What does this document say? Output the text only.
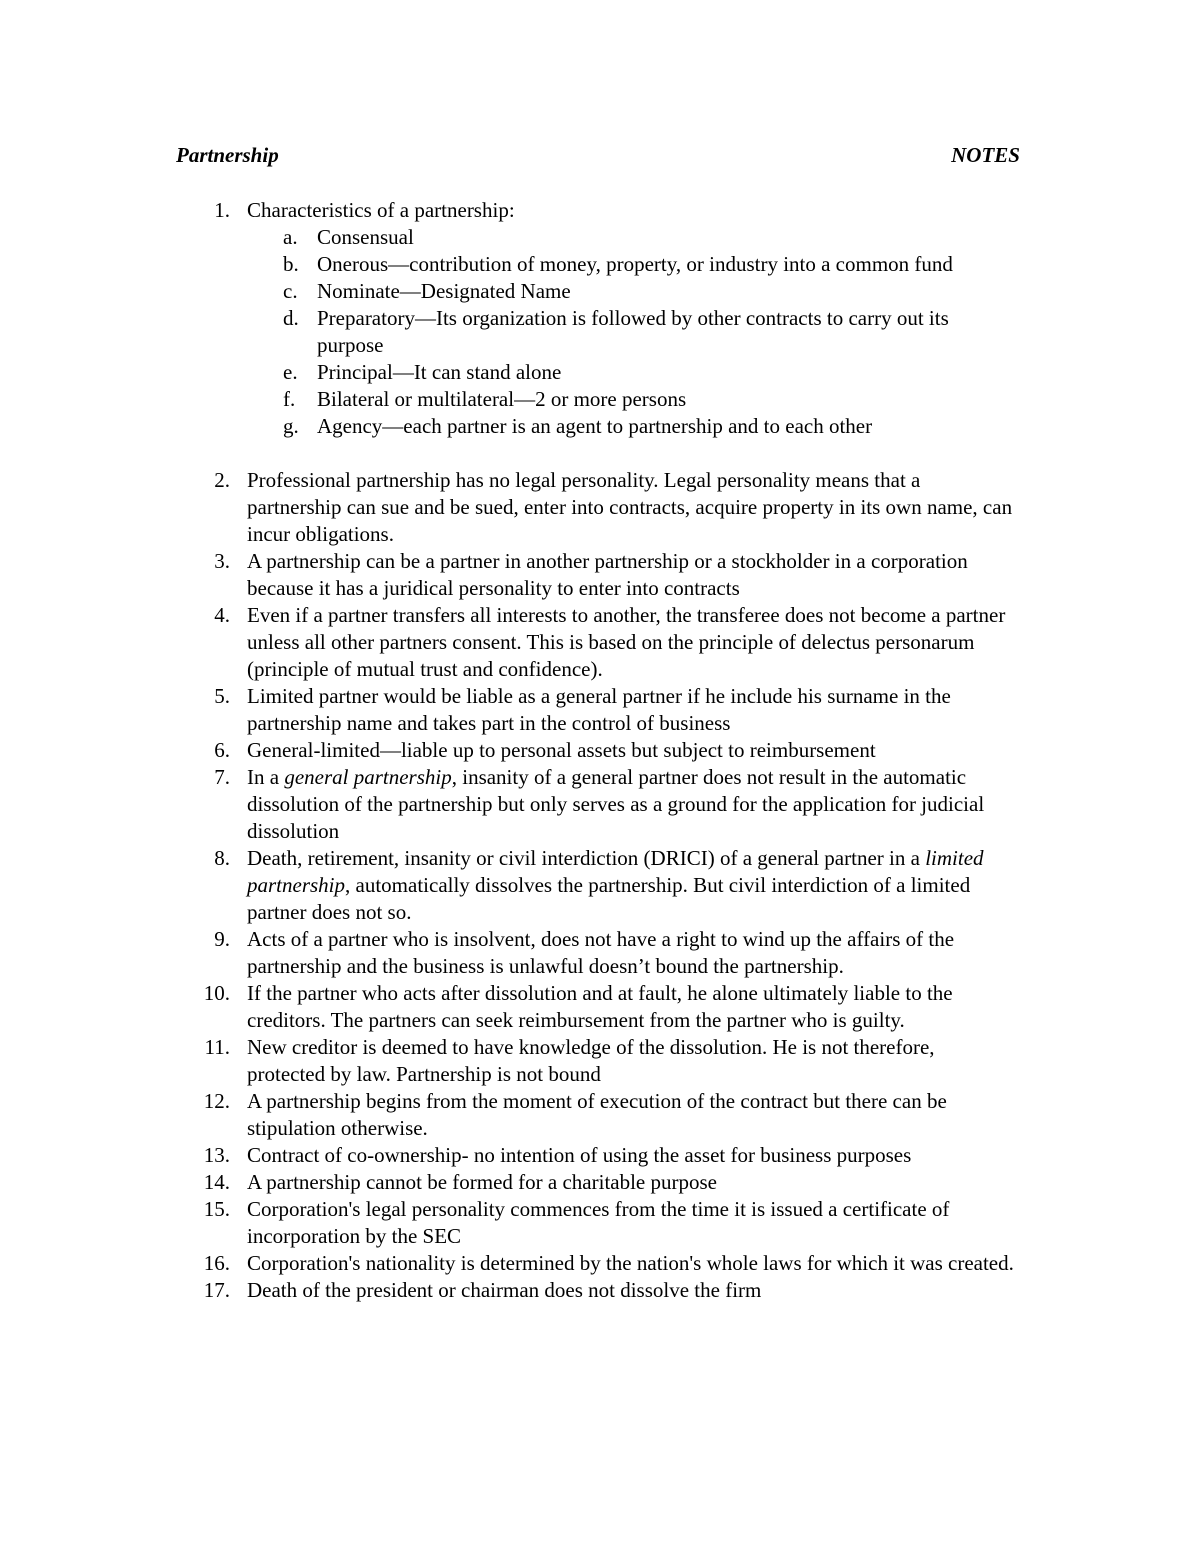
Partnership	NOTES
1. Characteristics of a partnership:
a. Consensual
b. Onerous—contribution of money, property, or industry into a common fund
c. Nominate—Designated Name
d. Preparatory—Its organization is followed by other contracts to carry out its purpose
e. Principal—It can stand alone
f.	Bilateral or multilateral—2 or more persons
g. Agency—each partner is an agent to partnership and to each other
2. Professional partnership has no legal personality. Legal personality means that a partnership can sue and be sued, enter into contracts, acquire property in its own name, can incur obligations.
3. A partnership can be a partner in another partnership or a stockholder in a corporation because it has a juridical personality to enter into contracts
4. Even if a partner transfers all interests to another, the transferee does not become a partner unless all other partners consent. This is based on the principle of delectus personarum (principle of mutual trust and confidence).
5. Limited partner would be liable as a general partner if he include his surname in the partnership name and takes part in the control of business
6. General-limited—liable up to personal assets but subject to reimbursement
7. In a general partnership, insanity of a general partner does not result in the automatic dissolution of the partnership but only serves as a ground for the application for judicial dissolution
8. Death, retirement, insanity or civil interdiction (DRICI) of a general partner in a limited partnership, automatically dissolves the partnership. But civil interdiction of a limited partner does not so.
9. Acts of a partner who is insolvent, does not have a right to wind up the affairs of the partnership and the business is unlawful doesn’t bound the partnership.
10. If the partner who acts after dissolution and at fault, he alone ultimately liable to the creditors. The partners can seek reimbursement from the partner who is guilty.
11. New creditor is deemed to have knowledge of the dissolution. He is not therefore, protected by law. Partnership is not bound
12. A partnership begins from the moment of execution of the contract but there can be stipulation otherwise.
13. Contract of co-ownership- no intention of using the asset for business purposes
14. A partnership cannot be formed for a charitable purpose
15. Corporation's legal personality commences from the time it is issued a certificate of incorporation by the SEC
16. Corporation's nationality is determined by the nation's whole laws for which it was created.
17. Death of the president or chairman does not dissolve the firm
